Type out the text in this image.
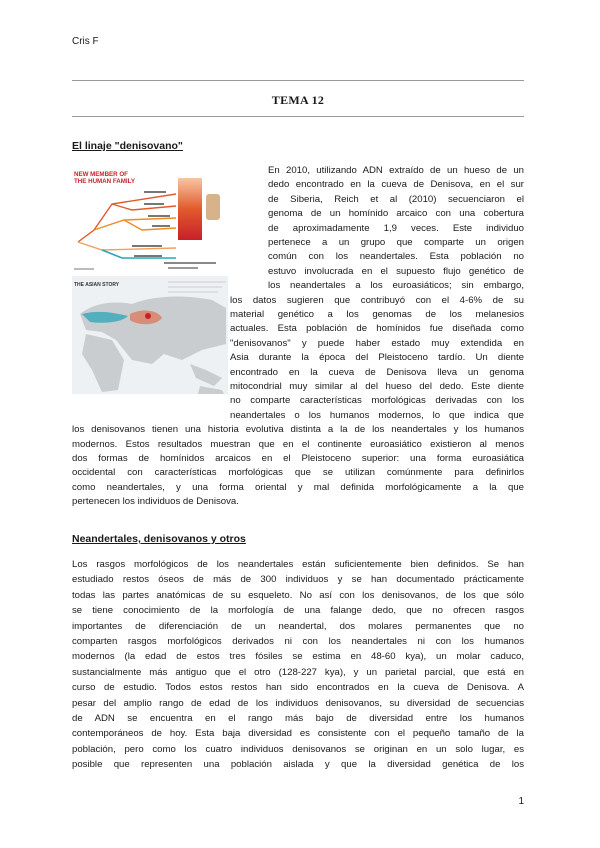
Cris F
TEMA 12
El linaje "denisovano"
NEW MEMBER OF
THE HUMAN FAMILY
THE ASIAN STORY
En 2010, utilizando ADN extraído de un hueso de un
dedo encontrado en la cueva de Denisova, en el sur
de Siberia, Reich et al (2010) secuenciaron el
genoma de un homínido arcaico con una cobertura
de aproximadamente 1,9 veces. Este individuo
pertenece a un grupo que comparte un origen
común con los neandertales. Esta población no
estuvo involucrada en el supuesto flujo genético de
los neandertales a los euroasiáticos; sin embargo,
los datos sugieren que contribuyó con el 4-6% de su
material genético a los genomas de los melanesios
actuales. Esta población de homínidos fue diseñada como
"denisovanos" y puede haber estado muy extendida en
Asia durante la época del Pleistoceno tardío. Un diente
encontrado en la cueva de Denisova lleva un genoma
mitocondrial muy similar al del hueso del dedo. Este diente
no comparte características morfológicas derivadas con los
neandertales o los humanos modernos, lo que indica que
los denisovanos tienen una historia evolutiva distinta a la de los neandertales y los humanos
modernos. Estos resultados muestran que en el continente euroasiático existieron al menos
dos formas de homínidos arcaicos en el Pleistoceno superior: una forma euroasiática
occidental con características morfológicas que se utilizan comúnmente para definirlos
como neandertales, y una forma oriental y mal definida morfológicamente a la que
pertenecen los individuos de Denisova.
Neandertales, denisovanos y otros
Los rasgos morfológicos de los neandertales están suficientemente bien definidos. Se han
estudiado restos óseos de más de 300 individuos y se han documentado prácticamente
todas las partes anatómicas de su esqueleto. No así con los denisovanos, de los que sólo
se tiene conocimiento de la morfología de una falange dedo, que no ofrecen rasgos
importantes de diferenciación de un neandertal, dos molares permanentes que no
comparten rasgos morfológicos derivados ni con los neandertales ni con los humanos
modernos (la edad de estos tres fósiles se estima en 48-60 kya), un molar caduco,
sustancialmente más antiguo que el otro (128-227 kya), y un parietal parcial, que está en
curso de estudio. Todos estos restos han sido encontrados en la cueva de Denisova. A
pesar del amplio rango de edad de los individuos denisovanos, su diversidad de secuencias
de ADN se encuentra en el rango más bajo de diversidad entre los humanos
contemporáneos de hoy. Esta baja diversidad es consistente con el pequeño tamaño de la
población, pero como los cuatro individuos denisovanos se originan en un solo lugar, es
posible que representen una población aislada y que la diversidad genética de los
1
